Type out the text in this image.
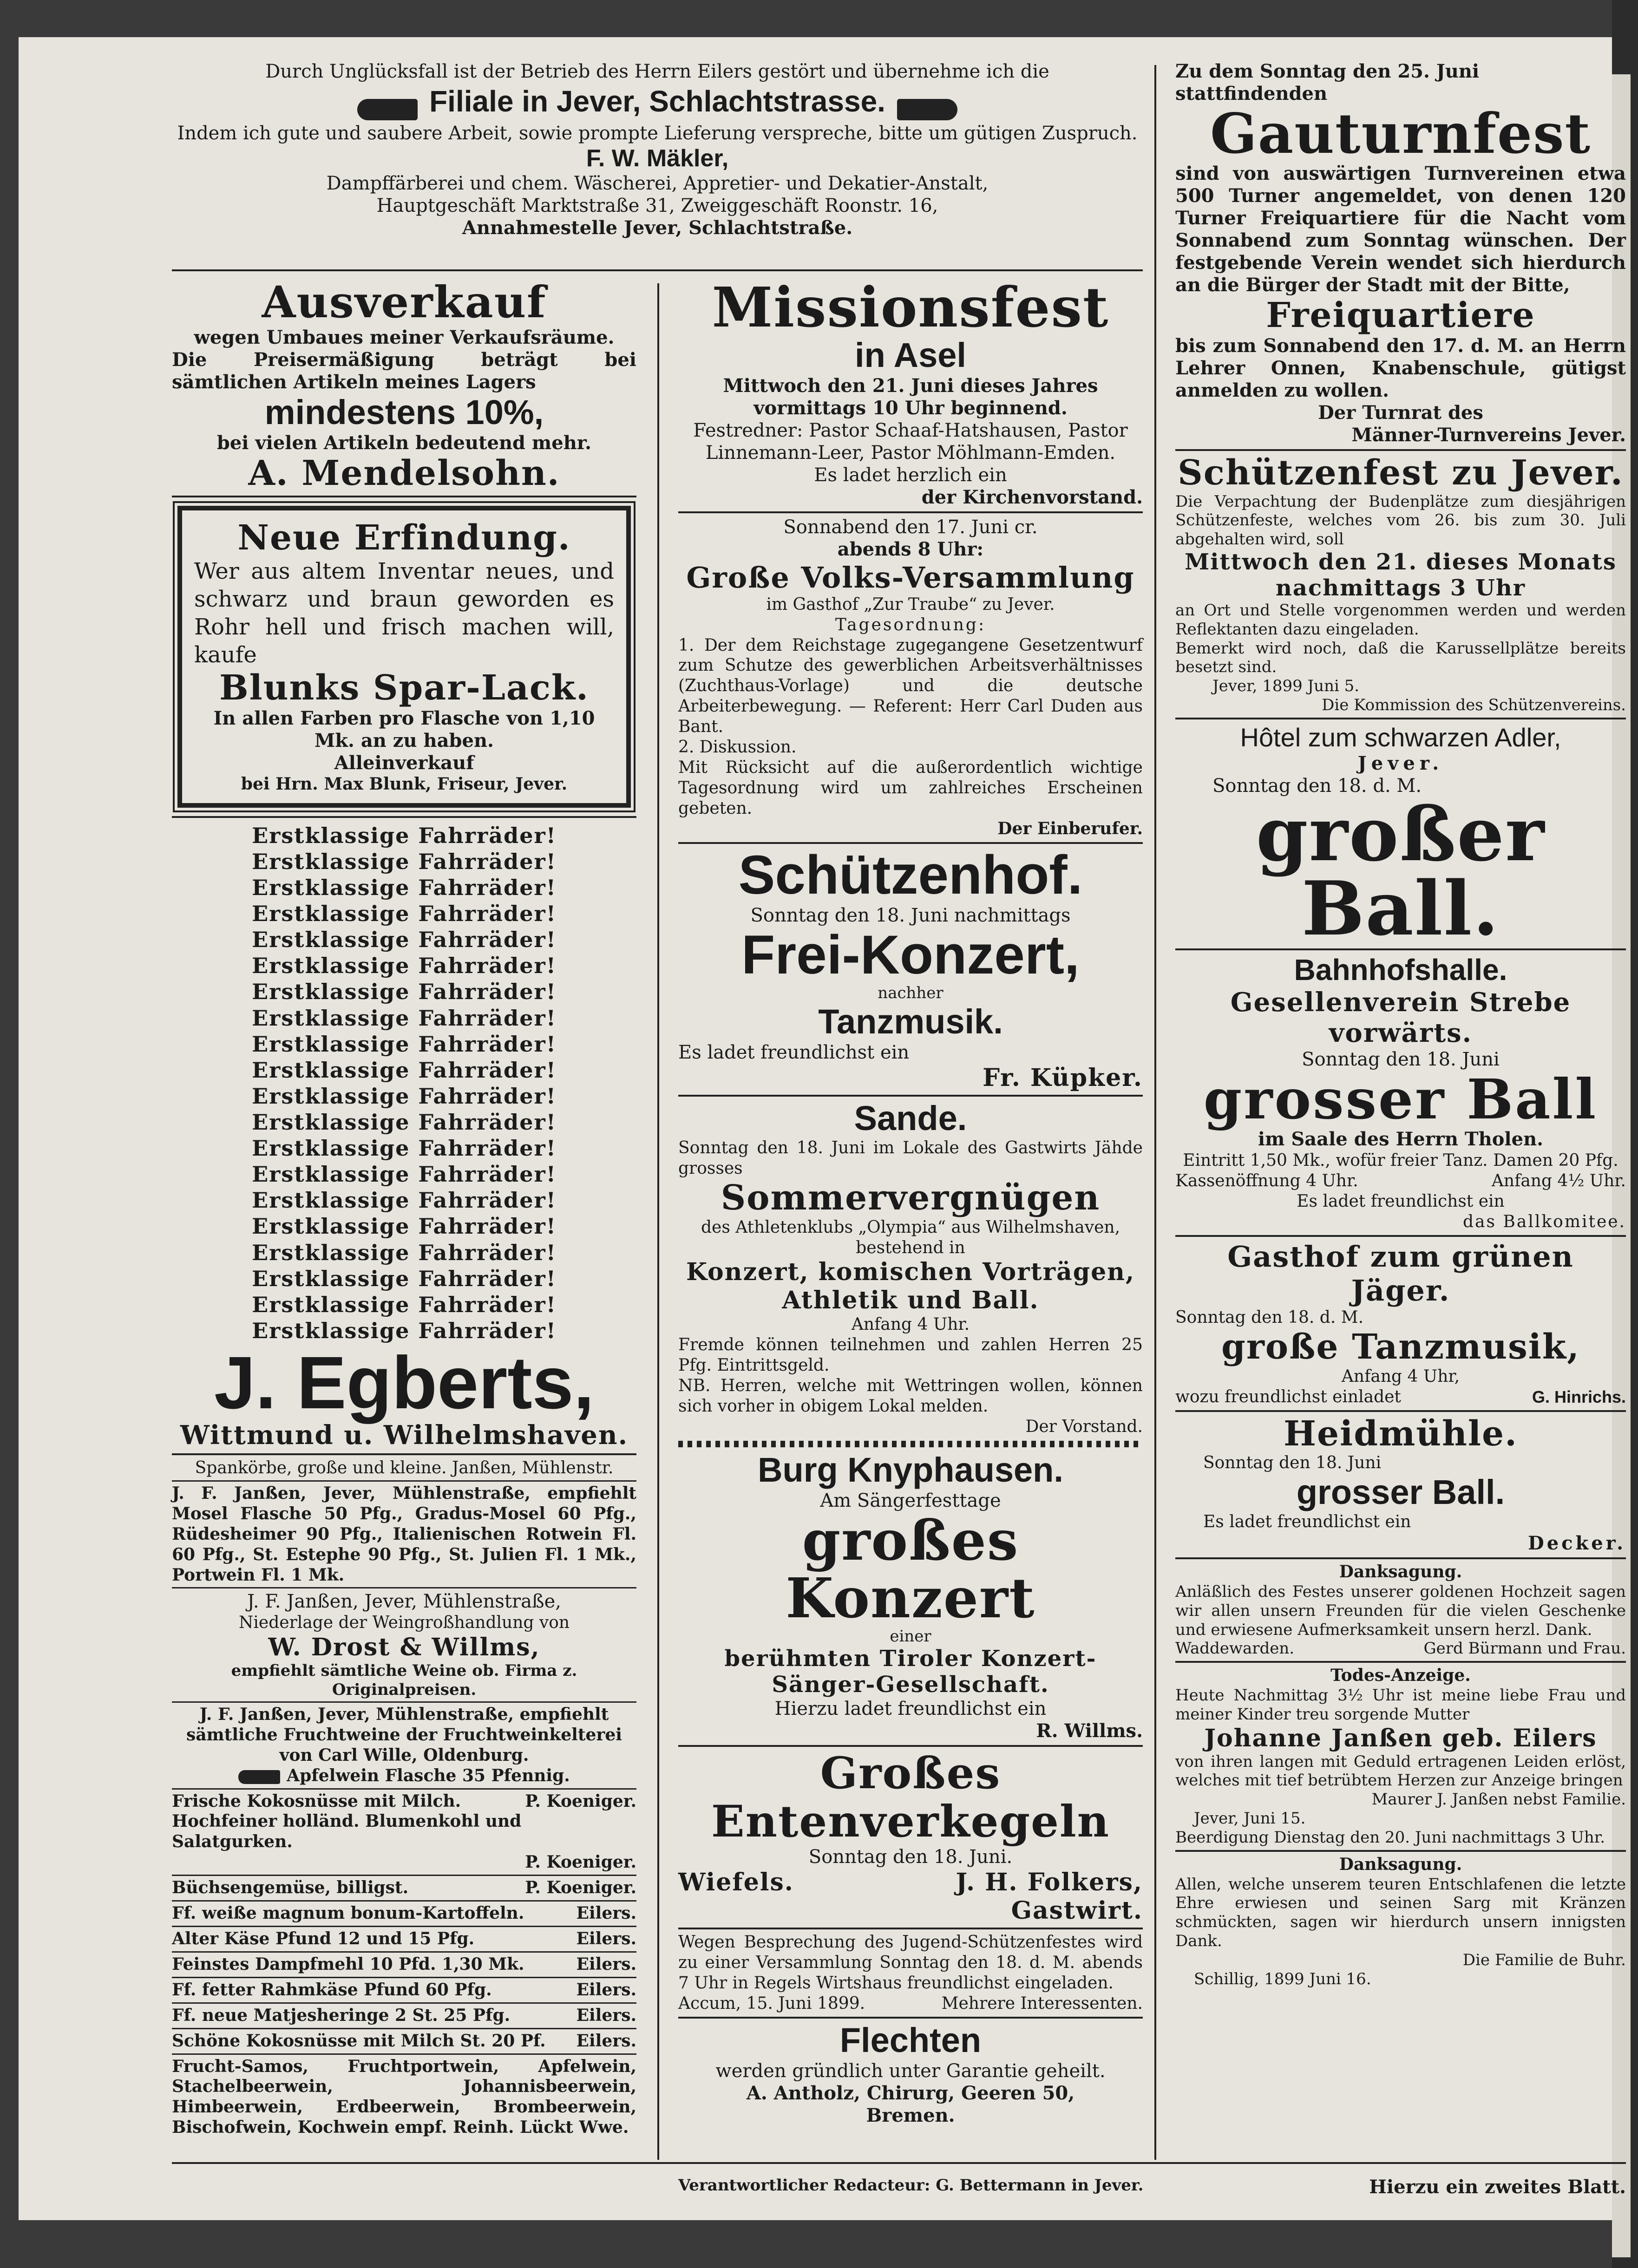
Durch Unglücksfall ist der Betrieb des Herrn Eilers gestört und übernehme ich die

Filiale in Jever, Schlachtstrasse.

Indem ich gute und saubere Arbeit, sowie prompte Lieferung verspreche, bitte um gütigen Zuspruch.

F. W. Mäkler,

Dampffärberei und chem. Wäscherei, Appretier- und Dekatier-Anstalt,

Hauptgeschäft Marktstraße 31, Zweiggeschäft Roonstr. 16,

Annahmestelle Jever, Schlachtstraße.

Ausverkauf

wegen Umbaues meiner Verkaufsräume.

Die Preisermäßigung beträgt bei sämtlichen Artikeln meines Lagers

mindestens 10%,

bei vielen Artikeln bedeutend mehr.

A. Mendelsohn.

Neue Erfindung.

Wer aus altem Inventar neues, und schwarz und braun geworden es Rohr hell und frisch machen will, kaufe

Blunks Spar-Lack.

In allen Farben pro Flasche von 1,10 Mk. an zu haben.

Alleinverkauf

bei Hrn. Max Blunk, Friseur, Jever.

Erstklassige Fahrräder!

Erstklassige Fahrräder!

Erstklassige Fahrräder!

Erstklassige Fahrräder!

Erstklassige Fahrräder!

Erstklassige Fahrräder!

Erstklassige Fahrräder!

Erstklassige Fahrräder!

Erstklassige Fahrräder!

Erstklassige Fahrräder!

Erstklassige Fahrräder!

Erstklassige Fahrräder!

Erstklassige Fahrräder!

Erstklassige Fahrräder!

Erstklassige Fahrräder!

Erstklassige Fahrräder!

Erstklassige Fahrräder!

Erstklassige Fahrräder!

Erstklassige Fahrräder!

Erstklassige Fahrräder!

J. Egberts,

Wittmund u. Wilhelmshaven.

Spankörbe, große und kleine. Janßen, Mühlenstr.

J. F. Janßen, Jever, Mühlenstraße, empfiehlt Mosel Flasche 50 Pfg., Gradus-Mosel 60 Pfg., Rüdesheimer 90 Pfg., Italienischen Rotwein Fl. 60 Pfg., St. Estephe 90 Pfg., St. Julien Fl. 1 Mk., Portwein Fl. 1 Mk.

J. F. Janßen, Jever, Mühlenstraße,

Niederlage der Weingroßhandlung von

W. Drost & Willms,

empfiehlt sämtliche Weine ob. Firma z. Originalpreisen.

J. F. Janßen, Jever, Mühlenstraße, empfiehlt sämtliche Fruchtweine der Fruchtweinkelterei von Carl Wille, Oldenburg.

Apfelwein Flasche 35 Pfennig.

Frische Kokosnüsse mit Milch.	P. Koeniger.

Hochfeiner holländ. Blumenkohl und Salatgurken.

P. Koeniger.

Büchsengemüse, billigst.	P. Koeniger.
Ff. weiße magnum bonum-Kartoffeln.	Eilers.
Alter Käse Pfund 12 und 15 Pfg.	Eilers.
Feinstes Dampfmehl 10 Pfd. 1,30 Mk.	Eilers.
Ff. fetter Rahmkäse Pfund 60 Pfg.	Eilers.
Ff. neue Matjesheringe 2 St. 25 Pfg.	Eilers.
Schöne Kokosnüsse mit Milch St. 20 Pf. Eilers.

Frucht-Samos, Fruchtportwein, Apfelwein, Stachelbeerwein, Johannisbeerwein, Himbeerwein, Erdbeerwein, Brombeerwein, Bischofwein, Kochwein empf. Reinh. Lückt Wwe.

Missionsfest

in Asel

Mittwoch den 21. Juni dieses Jahres vormittags 10 Uhr beginnend.

Festredner: Pastor Schaaf-Hatshausen, Pastor Linnemann-Leer, Pastor Möhlmann-Emden.

Es ladet herzlich ein

der Kirchenvorstand.

Sonnabend den 17. Juni cr.

abends 8 Uhr:

Große Volks-Versammlung

im Gasthof „Zur Traube“ zu Jever.

Tagesordnung:

1. Der dem Reichstage zugegangene Gesetzentwurf zum Schutze des gewerblichen Arbeitsverhältnisses (Zuchthaus-Vorlage) und die deutsche Arbeiterbewegung. — Referent: Herr Carl Duden aus Bant.

2. Diskussion.

Mit Rücksicht auf die außerordentlich wichtige Tagesordnung wird um zahlreiches Erscheinen gebeten.

Der Einberufer.

Schützenhof.

Sonntag den 18. Juni nachmittags

Frei-Konzert,

nachher

Tanzmusik.

Es ladet freundlichst ein

Fr. Küpker.

Sande.

Sonntag den 18. Juni im Lokale des Gastwirts Jähde grosses

Sommervergnügen

des Athletenklubs „Olympia“ aus Wilhelmshaven, bestehend in

Konzert, komischen Vorträgen, Athletik und Ball.

Anfang 4 Uhr.

Fremde können teilnehmen und zahlen Herren 25 Pfg. Eintrittsgeld.

NB. Herren, welche mit Wettringen wollen, können sich vorher in obigem Lokal melden.

Der Vorstand.

Burg Knyphausen.

Am Sängerfesttage

großes Konzert

einer

berühmten Tiroler Konzert-Sänger-Gesellschaft.

Hierzu ladet freundlichst ein

R. Willms.

Großes Entenverkegeln

Sonntag den 18. Juni.

Wiefels.	J. H. Folkers,

Gastwirt.

Wegen Besprechung des Jugend-Schützenfestes wird zu einer Versammlung Sonntag den 18. d. M. abends 7 Uhr in Regels Wirtshaus freundlichst eingeladen.

Accum, 15. Juni 1899.	Mehrere Interessenten.

Flechten

werden gründlich unter Garantie geheilt.

A. Antholz, Chirurg, Geeren 50,

Bremen.

Zu dem Sonntag den 25. Juni stattfindenden

Gauturnfest

sind von auswärtigen Turnvereinen etwa 500 Turner angemeldet, von denen 120 Turner Freiquartiere für die Nacht vom Sonnabend zum Sonntag wünschen. Der festgebende Verein wendet sich hierdurch an die Bürger der Stadt mit der Bitte,

Freiquartiere

bis zum Sonnabend den 17. d. M. an Herrn Lehrer Onnen, Knabenschule, gütigst anmelden zu wollen.

Der Turnrat des

Männer-Turnvereins Jever.

Schützenfest zu Jever.

Die Verpachtung der Budenplätze zum diesjährigen Schützenfeste, welches vom 26. bis zum 30. Juli abgehalten wird, soll

Mittwoch den 21. dieses Monats nachmittags 3 Uhr

an Ort und Stelle vorgenommen werden und werden Reflektanten dazu eingeladen.

Bemerkt wird noch, daß die Karussellplätze bereits besetzt sind.

Jever, 1899 Juni 5.

Die Kommission des Schützenvereins.

Hôtel zum schwarzen Adler,

Jever.

Sonntag den 18. d. M.

großer Ball.

Bahnhofshalle.

Gesellenverein Strebe vorwärts.

Sonntag den 18. Juni

grosser Ball

im Saale des Herrn Tholen.

Eintritt 1,50 Mk., wofür freier Tanz. Damen 20 Pfg.

Kassenöffnung 4 Uhr.	Anfang 4½ Uhr.

Es ladet freundlichst ein

das Ballkomitee.

Gasthof zum grünen Jäger.

Sonntag den 18. d. M.

große Tanzmusik,

Anfang 4 Uhr,

wozu freundlichst einladet	G. Hinrichs.

Heidmühle.

Sonntag den 18. Juni

grosser Ball.

Es ladet freundlichst ein

Decker.

Danksagung.

Anläßlich des Festes unserer goldenen Hochzeit sagen wir allen unsern Freunden für die vielen Geschenke und erwiesene Aufmerksamkeit unsern herzl. Dank.

Waddewarden.	Gerd Bürmann und Frau.

Todes-Anzeige.

Heute Nachmittag 3½ Uhr ist meine liebe Frau und meiner Kinder treu sorgende Mutter

Johanne Janßen geb. Eilers

von ihren langen mit Geduld ertragenen Leiden erlöst, welches mit tief betrübtem Herzen zur Anzeige bringen

Maurer J. Janßen nebst Familie.

Jever, Juni 15.

Beerdigung Dienstag den 20. Juni nachmittags 3 Uhr.

Danksagung.

Allen, welche unserem teuren Entschlafenen die letzte Ehre erwiesen und seinen Sarg mit Kränzen schmückten, sagen wir hierdurch unsern innigsten Dank.

Die Familie de Buhr.

Schillig, 1899 Juni 16.

Verantwortlicher Redacteur: G. Bettermann in Jever.	Hierzu ein zweites Blatt.
